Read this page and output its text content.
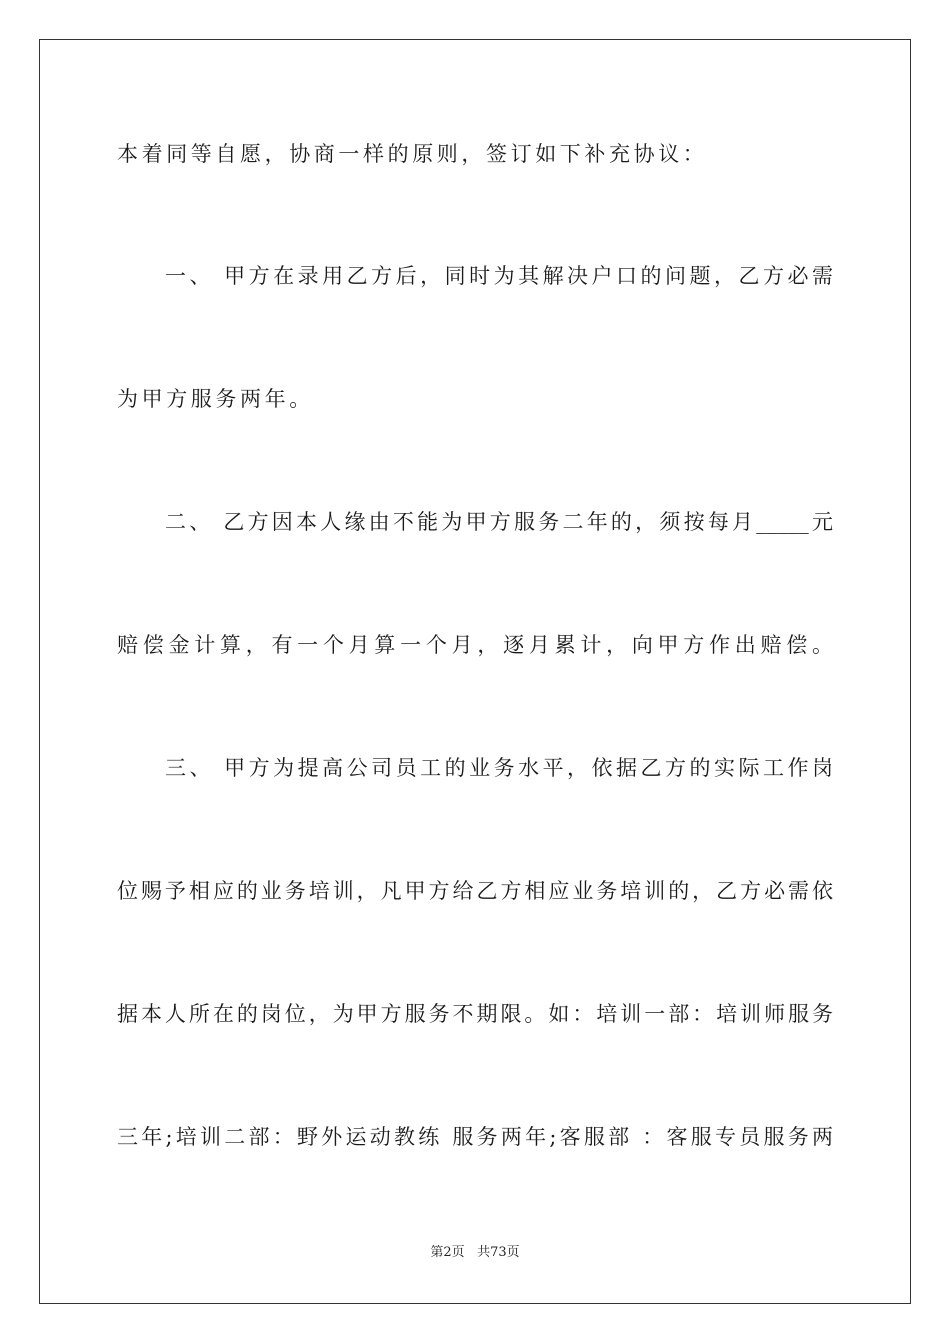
本着同等自愿，协商一样的原则，签订如下补充协议：
一、 甲方在录用乙方后，同时为其解决户口的问题，乙方必需
为甲方服务两年。
二、 乙方因本人缘由不能为甲方服务二年的，须按每月_____元
赔偿金计算，有一个月算一个月，逐月累计，向甲方作出赔偿。
三、 甲方为提高公司员工的业务水平，依据乙方的实际工作岗
位赐予相应的业务培训，凡甲方给乙方相应业务培训的，乙方必需依
据本人所在的岗位，为甲方服务不期限。如：培训一部：培训师服务
三年;培训二部：野外运动教练 服务两年;客服部 ：客服专员服务两
第2页 共73页
